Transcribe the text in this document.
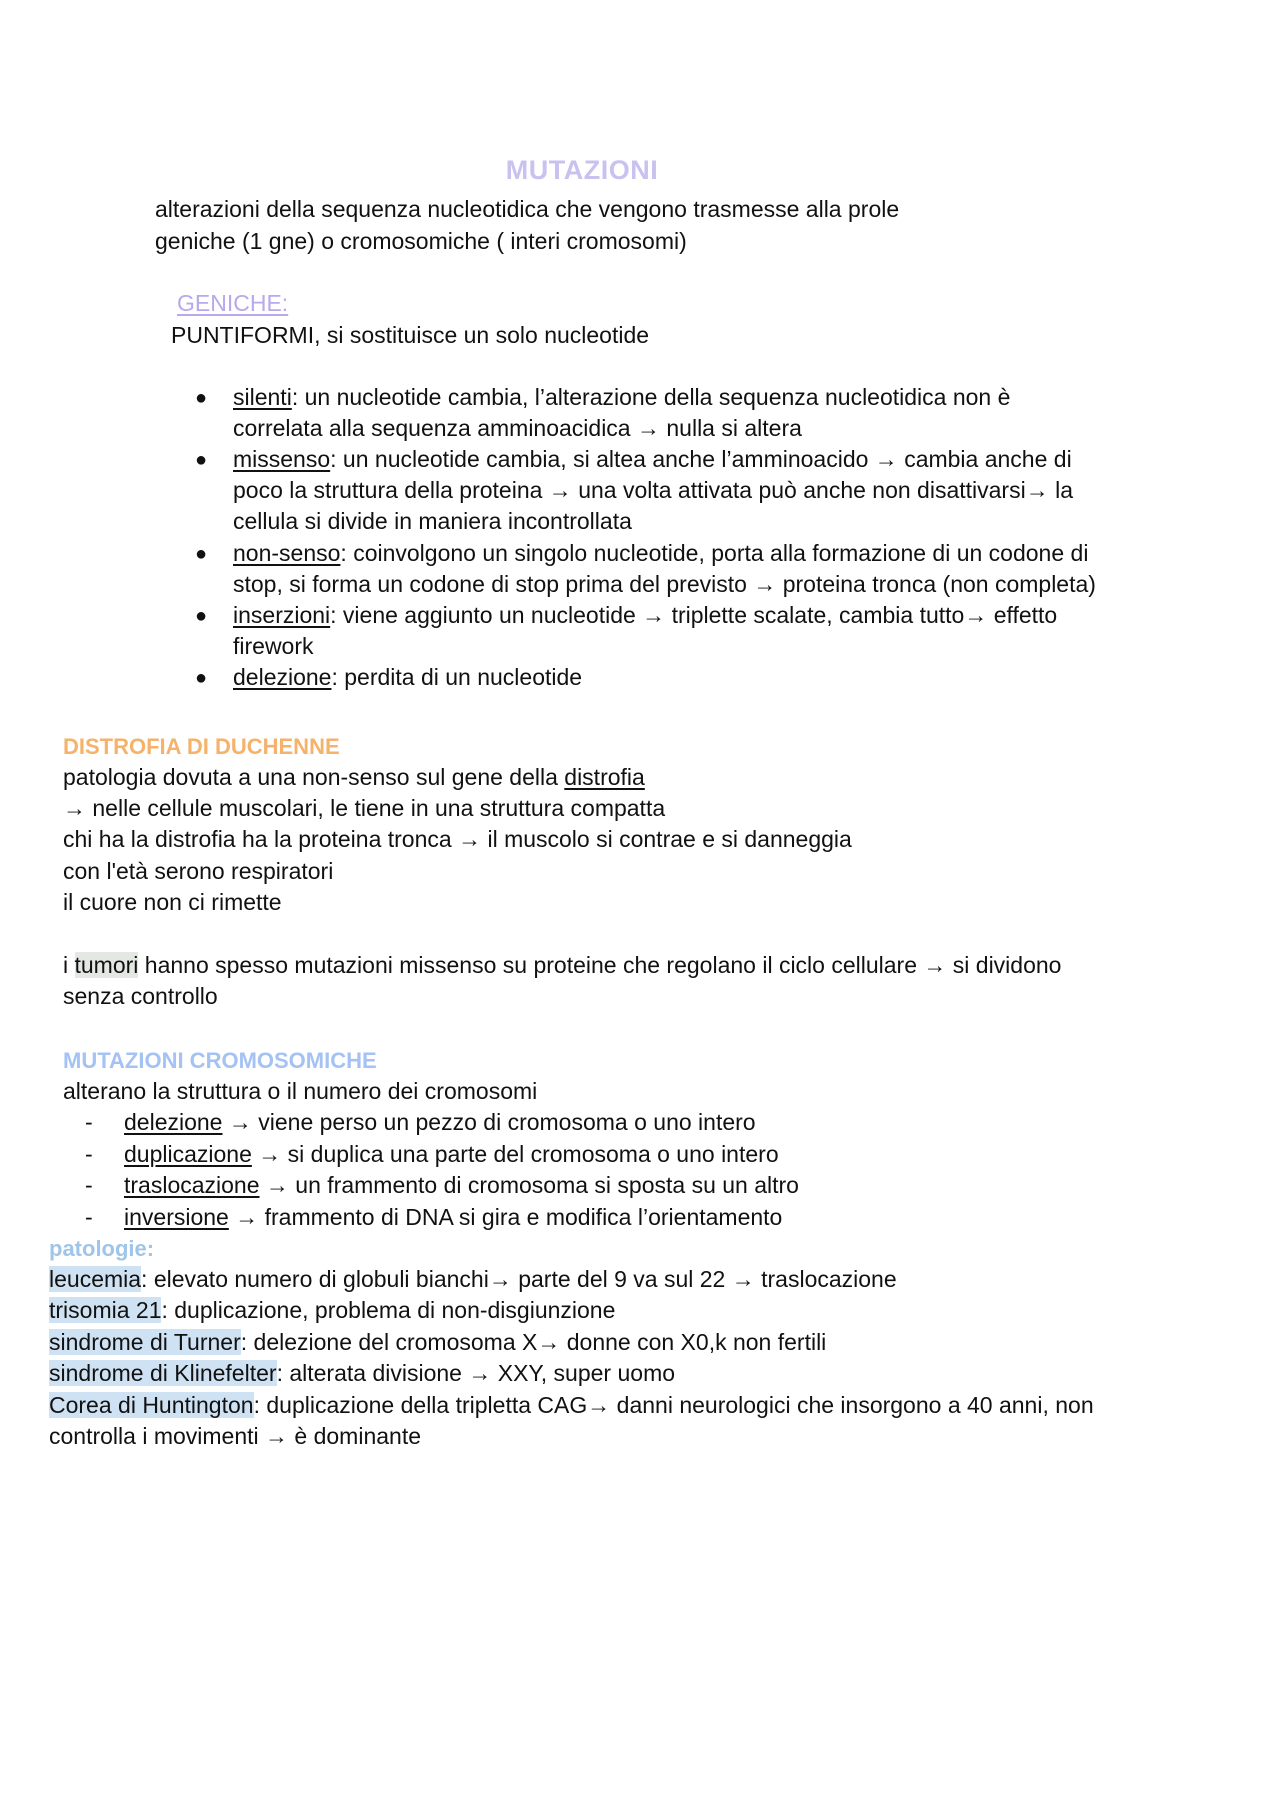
MUTAZIONI
alterazioni della sequenza nucleotidica che vengono trasmesse alla prole
geniche (1 gne) o cromosomiche ( interi cromosomi)
GENICHE:
PUNTIFORMI, si sostituisce un solo nucleotide
● silenti: un nucleotide cambia, l’alterazione della sequenza nucleotidica non è
correlata alla sequenza amminoacidica → nulla si altera
● missenso: un nucleotide cambia, si altea anche l’amminoacido → cambia anche di
poco la struttura della proteina → una volta attivata può anche non disattivarsi→ la
cellula si divide in maniera incontrollata
● non-senso: coinvolgono un singolo nucleotide, porta alla formazione di un codone di
stop, si forma un codone di stop prima del previsto → proteina tronca (non completa)
● inserzioni: viene aggiunto un nucleotide → triplette scalate, cambia tutto→ effetto
firework
● delezione: perdita di un nucleotide
DISTROFIA DI DUCHENNE
patologia dovuta a una non-senso sul gene della distrofia
→ nelle cellule muscolari, le tiene in una struttura compatta
chi ha la distrofia ha la proteina tronca → il muscolo si contrae e si danneggia
con l'età serono respiratori
il cuore non ci rimette
i tumori hanno spesso mutazioni missenso su proteine che regolano il ciclo cellulare → si dividono
senza controllo
MUTAZIONI CROMOSOMICHE
alterano la struttura o il numero dei cromosomi
- delezione → viene perso un pezzo di cromosoma o uno intero
- duplicazione → si duplica una parte del cromosoma o uno intero
- traslocazione → un frammento di cromosoma si sposta su un altro
- inversione → frammento di DNA si gira e modifica l’orientamento
patologie:
leucemia: elevato numero di globuli bianchi→ parte del 9 va sul 22 → traslocazione
trisomia 21: duplicazione, problema di non-disgiunzione
sindrome di Turner: delezione del cromosoma X→ donne con X0,k non fertili
sindrome di Klinefelter: alterata divisione → XXY, super uomo
Corea di Huntington: duplicazione della tripletta CAG→ danni neurologici che insorgono a 40 anni, non
controlla i movimenti → è dominante
